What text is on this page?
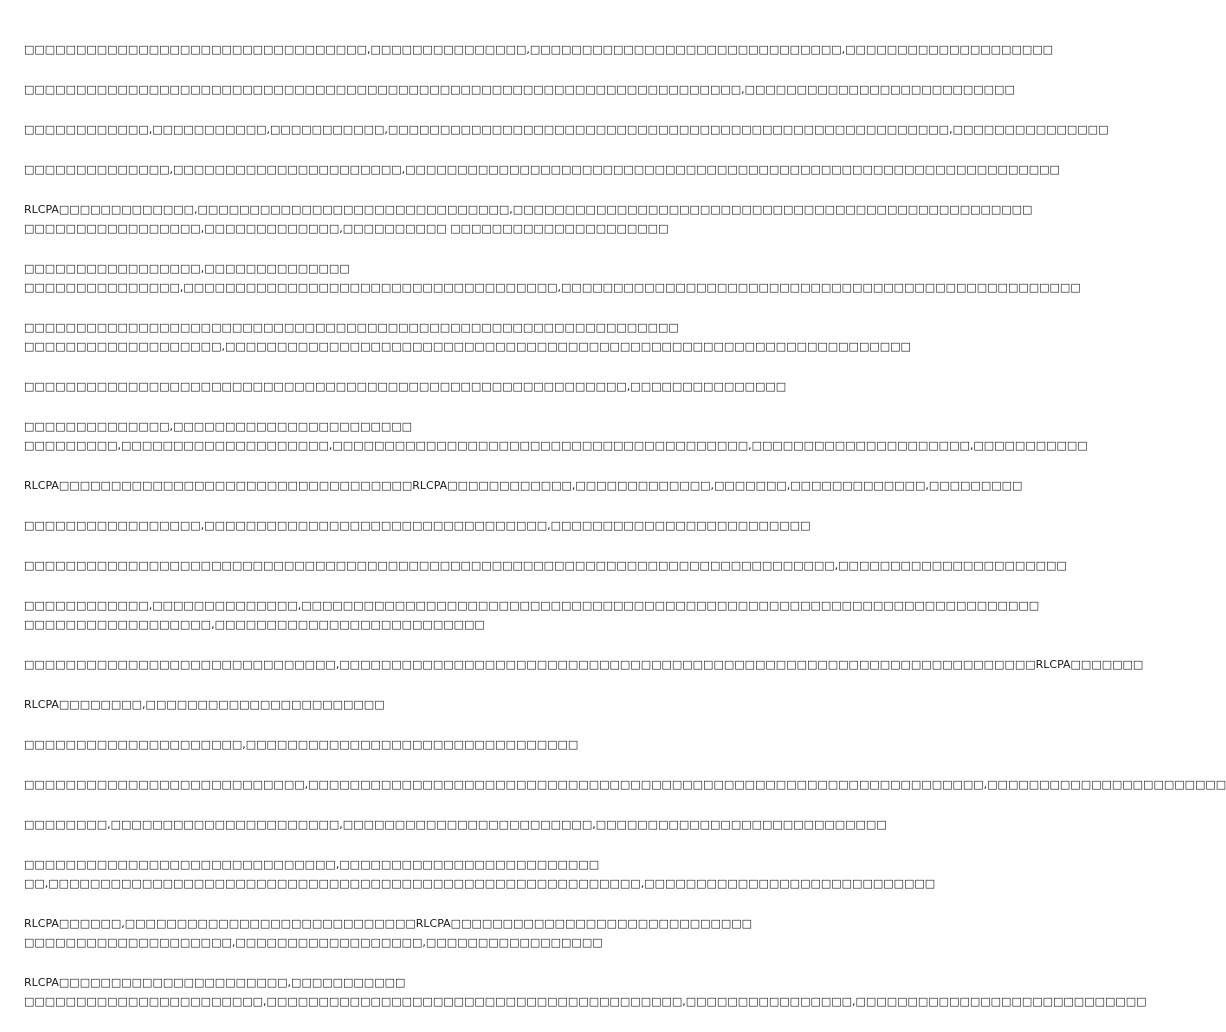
□□□□□□□□□□□□□□□□□□□□□□□□□□□□□□□□□,□□□□□□□□□□□□□□□,□□□□□□□□□□□□□□□□□□□□□□□□□□□□□□,□□□□□□□□□□□□□□□□□□□□

□□□□□□□□□□□□□□□□□□□□□□□□□□□□□□□□□□□□□□□□□□□□□□□□□□□□□□□□□□□□□□□□□□□□□,□□□□□□□□□□□□□□□□□□□□□□□□□□

□□□□□□□□□□□□,□□□□□□□□□□□,□□□□□□□□□□□,□□□□□□□□□□□□□□□□□□□□□□□□□□□□□□□□□□□□□□□□□□□□□□□□□□□□□□,□□□□□□□□□□□□□□□

□□□□□□□□□□□□□□,□□□□□□□□□□□□□□□□□□□□□□,□□□□□□□□□□□□□□□□□□□□□□□□□□□□□□□□□□□□□□□□□□□□□□□□□□□□□□□□□□□□□□□

RLCPA□□□□□□□□□□□□□,□□□□□□□□□□□□□□□□□□□□□□□□□□□□□□,□□□□□□□□□□□□□□□□□□□□□□□□□□□□□□□□□□□□□□□□□□□□□□□□□□
□□□□□□□□□□□□□□□□□,□□□□□□□□□□□□□,□□□□□□□□□□ □□□□□□□□□□□□□□□□□□□□□

□□□□□□□□□□□□□□□□□,□□□□□□□□□□□□□□
□□□□□□□□□□□□□□□,□□□□□□□□□□□□□□□□□□□□□□□□□□□□□□□□□□□□,□□□□□□□□□□□□□□□□□□□□□□□□□□□□□□□□□□□□□□□□□□□□□□□□□□

□□□□□□□□□□□□□□□□□□□□□□□□□□□□□□□□□□□□□□□□□□□□□□□□□□□□□□□□□□□□□□□
□□□□□□□□□□□□□□□□□□□,□□□□□□□□□□□□□□□□□□□□□□□□□□□□□□□□□□□□□□□□□□□□□□□□□□□□□□□□□□□□□□□□□□

□□□□□□□□□□□□□□□□□□□□□□□□□□□□□□□□□□□□□□□□□□□□□□□□□□□□□□□□□□,□□□□□□□□□□□□□□□

□□□□□□□□□□□□□□,□□□□□□□□□□□□□□□□□□□□□□□
□□□□□□□□□,□□□□□□□□□□□□□□□□□□□□,□□□□□□□□□□□□□□□□□□□□□□□□□□□□□□□□□□□□□□□□,□□□□□□□□□□□□□□□□□□□□□,□□□□□□□□□□□

RLCPA□□□□□□□□□□□□□□□□□□□□□□□□□□□□□□□□□□RLCPA□□□□□□□□□□□□,□□□□□□□□□□□□□,□□□□□□□,□□□□□□□□□□□□□,□□□□□□□□□

□□□□□□□□□□□□□□□□□,□□□□□□□□□□□□□□□□□□□□□□□□□□□□□□□□□,□□□□□□□□□□□□□□□□□□□□□□□□□

□□□□□□□□□□□□□□□□□□□□□□□□□□□□□□□□□□□□□□□□□□□□□□□□□□□□□□□□□□□□□□□□□□□□□□□□□□□□□□,□□□□□□□□□□□□□□□□□□□□□□

□□□□□□□□□□□□,□□□□□□□□□□□□□□,□□□□□□□□□□□□□□□□□□□□□□□□□□□□□□□□□□□□□□□□□□□□□□□□□□□□□□□□□□□□□□□□□□□□□□□
□□□□□□□□□□□□□□□□□□,□□□□□□□□□□□□□□□□□□□□□□□□□□

□□□□□□□□□□□□□□□□□□□□□□□□□□□□□□,□□□□□□□□□□□□□□□□□□□□□□□□□□□□□□□□□□□□□□□□□□□□□□□□□□□□□□□□□□□□□□□□□□□RLCPA□□□□□□□

RLCPA□□□□□□□□,□□□□□□□□□□□□□□□□□□□□□□□

□□□□□□□□□□□□□□□□□□□□□,□□□□□□□□□□□□□□□□□□□□□□□□□□□□□□□□

□□□□□□□□□□□□□□□□□□□□□□□□□□□,□□□□□□□□□□□□□□□□□□□□□□□□□□□□□□□□□□□□□□□□□□□□□□□□□□□□□□□□□□□□□□□□□,□□□□□□□□□□□□□□□□□□□□□□□

□□□□□□□□,□□□□□□□□□□□□□□□□□□□□□□,□□□□□□□□□□□□□□□□□□□□□□□□,□□□□□□□□□□□□□□□□□□□□□□□□□□□□

□□□□□□□□□□□□□□□□□□□□□□□□□□□□□□,□□□□□□□□□□□□□□□□□□□□□□□□□
□□,□□□□□□□□□□□□□□□□□□□□□□□□□□□□□□□□□□□□□□□□□□□□□□□□□□□□□□□□□,□□□□□□□□□□□□□□□□□□□□□□□□□□□□

RLCPA□□□□□□,□□□□□□□□□□□□□□□□□□□□□□□□□□□□RLCPA□□□□□□□□□□□□□□□□□□□□□□□□□□□□□
□□□□□□□□□□□□□□□□□□□□,□□□□□□□□□□□□□□□□□□,□□□□□□□□□□□□□□□□□

RLCPA□□□□□□□□□□□□□□□□□□□□□□,□□□□□□□□□□□
□□□□□□□□□□□□□□□□□□□□□□□,□□□□□□□□□□□□□□□□□□□□□□□□□□□□□□□□□□□□□□□□,□□□□□□□□□□□□□□□□,□□□□□□□□□□□□□□□□□□□□□□□□□□□□
